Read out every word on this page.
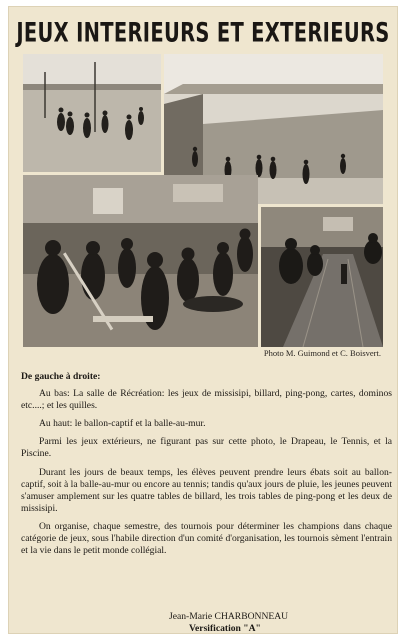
JEUX INTERIEURS ET EXTERIEURS
Photo M. Guimond et C. Boisvert.

De gauche à droite:

Au bas: La salle de Récréation: les jeux de missisipi, billard, ping-pong, cartes, dominos etc....; et les quilles.

Au haut: le ballon-captif et la balle-au-mur.

Parmi les jeux extérieurs, ne figurant pas sur cette photo, le Drapeau, le Tennis, et la Piscine.

Durant les jours de beaux temps, les élèves peuvent prendre leurs ébats soit au ballon-captif, soit à la balle-au-mur ou encore au tennis; tandis qu'aux jours de pluie, les jeunes peuvent s'amuser amplement sur les quatre tables de billard, les trois tables de ping-pong et les deux de missisipi.

On organise, chaque semestre, des tournois pour déterminer les champions dans chaque catégorie de jeux, sous l'habile direction d'un comité d'organisation, les tournois sèment l'entrain et la vie dans le petit monde collégial.

Jean-Marie CHARBONNEAU
Versification "A"
